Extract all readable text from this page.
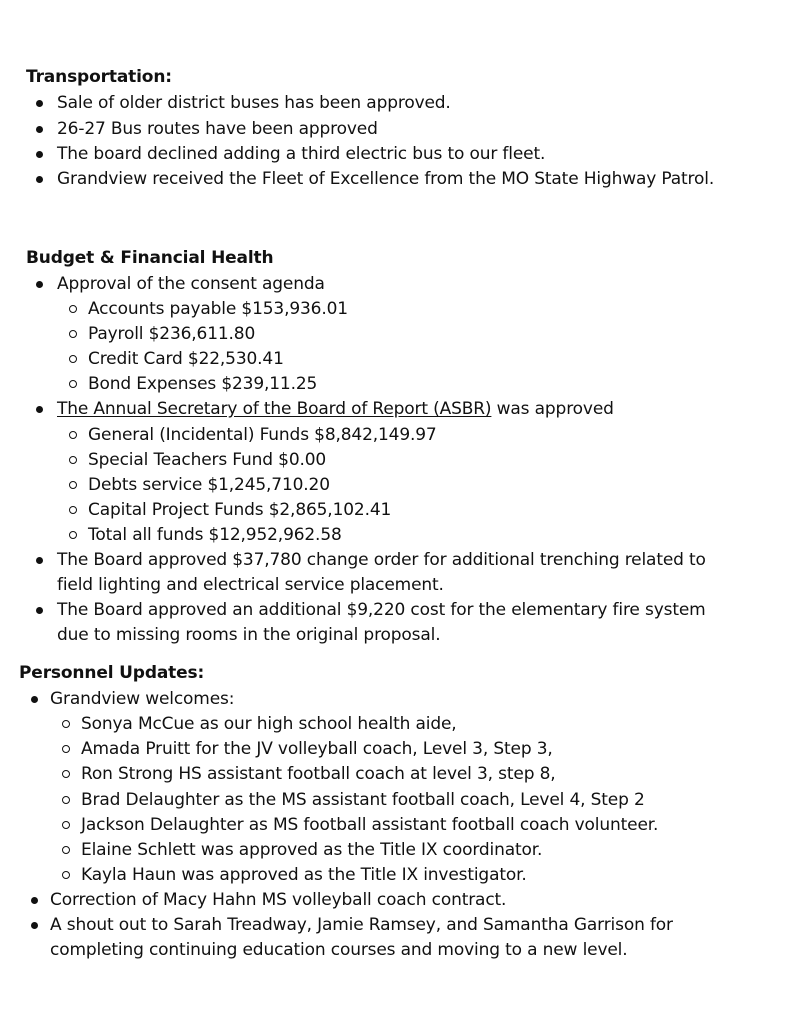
Transportation:
Sale of older district buses has been approved.
26-27 Bus routes have been approved
The board declined adding a third electric bus to our fleet.
Grandview received the Fleet of Excellence from the MO State Highway Patrol.
Budget & Financial Health
Approval of the consent agenda
Accounts payable $153,936.01
Payroll $236,611.80
Credit Card $22,530.41
Bond Expenses $239,11.25
The Annual Secretary of the Board of Report (ASBR) was approved
General (Incidental) Funds $8,842,149.97
Special Teachers Fund $0.00
Debts service $1,245,710.20
Capital Project Funds $2,865,102.41
Total all funds $12,952,962.58
The Board approved $37,780 change order for additional trenching related to
field lighting and electrical service placement.
The Board approved an additional $9,220 cost for the elementary fire system
due to missing rooms in the original proposal.
Personnel Updates:
Grandview welcomes:
Sonya McCue as our high school health aide,
Amada Pruitt for the JV volleyball coach, Level 3, Step 3,
Ron Strong HS assistant football coach at level 3, step 8,
Brad Delaughter as the MS assistant football coach, Level 4, Step 2
Jackson Delaughter as MS football assistant football coach volunteer.
Elaine Schlett was approved as the Title IX coordinator.
Kayla Haun was approved as the Title IX investigator.
Correction of Macy Hahn MS volleyball coach contract.
A shout out to Sarah Treadway, Jamie Ramsey, and Samantha Garrison for
completing continuing education courses and moving to a new level.
